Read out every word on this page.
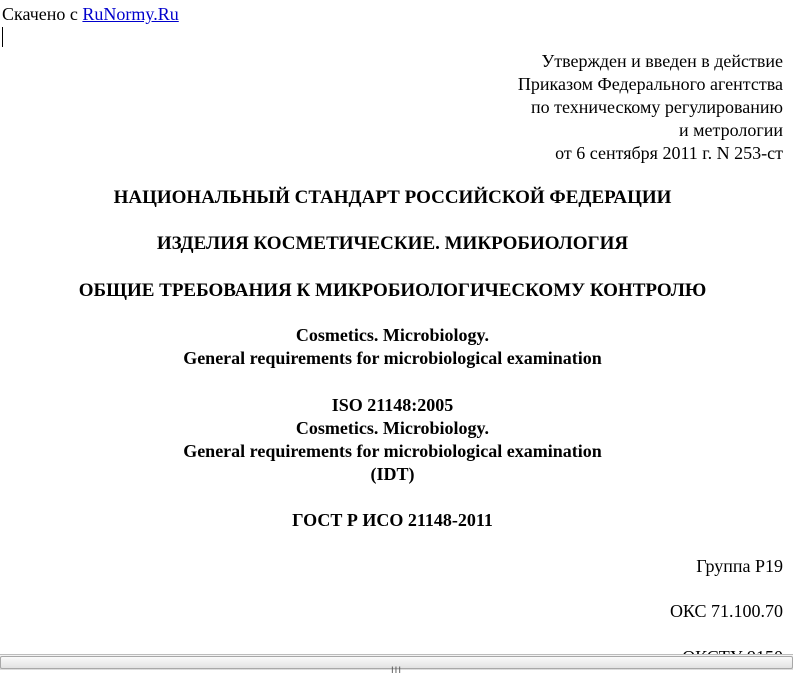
Скачено с RuNormy.Ru
Утвержден и введен в действие
Приказом Федерального агентства
по техническому регулированию
и метрологии
от 6 сентября 2011 г. N 253-ст
НАЦИОНАЛЬНЫЙ СТАНДАРТ РОССИЙСКОЙ ФЕДЕРАЦИИ
ИЗДЕЛИЯ КОСМЕТИЧЕСКИЕ. МИКРОБИОЛОГИЯ
ОБЩИЕ ТРЕБОВАНИЯ К МИКРОБИОЛОГИЧЕСКОМУ КОНТРОЛЮ
Cosmetics. Microbiology.
General requirements for microbiological examination
ISO 21148:2005
Cosmetics. Microbiology.
General requirements for microbiological examination
(IDT)
ГОСТ Р ИСО 21148-2011
Группа Р19
ОКС 71.100.70
III
